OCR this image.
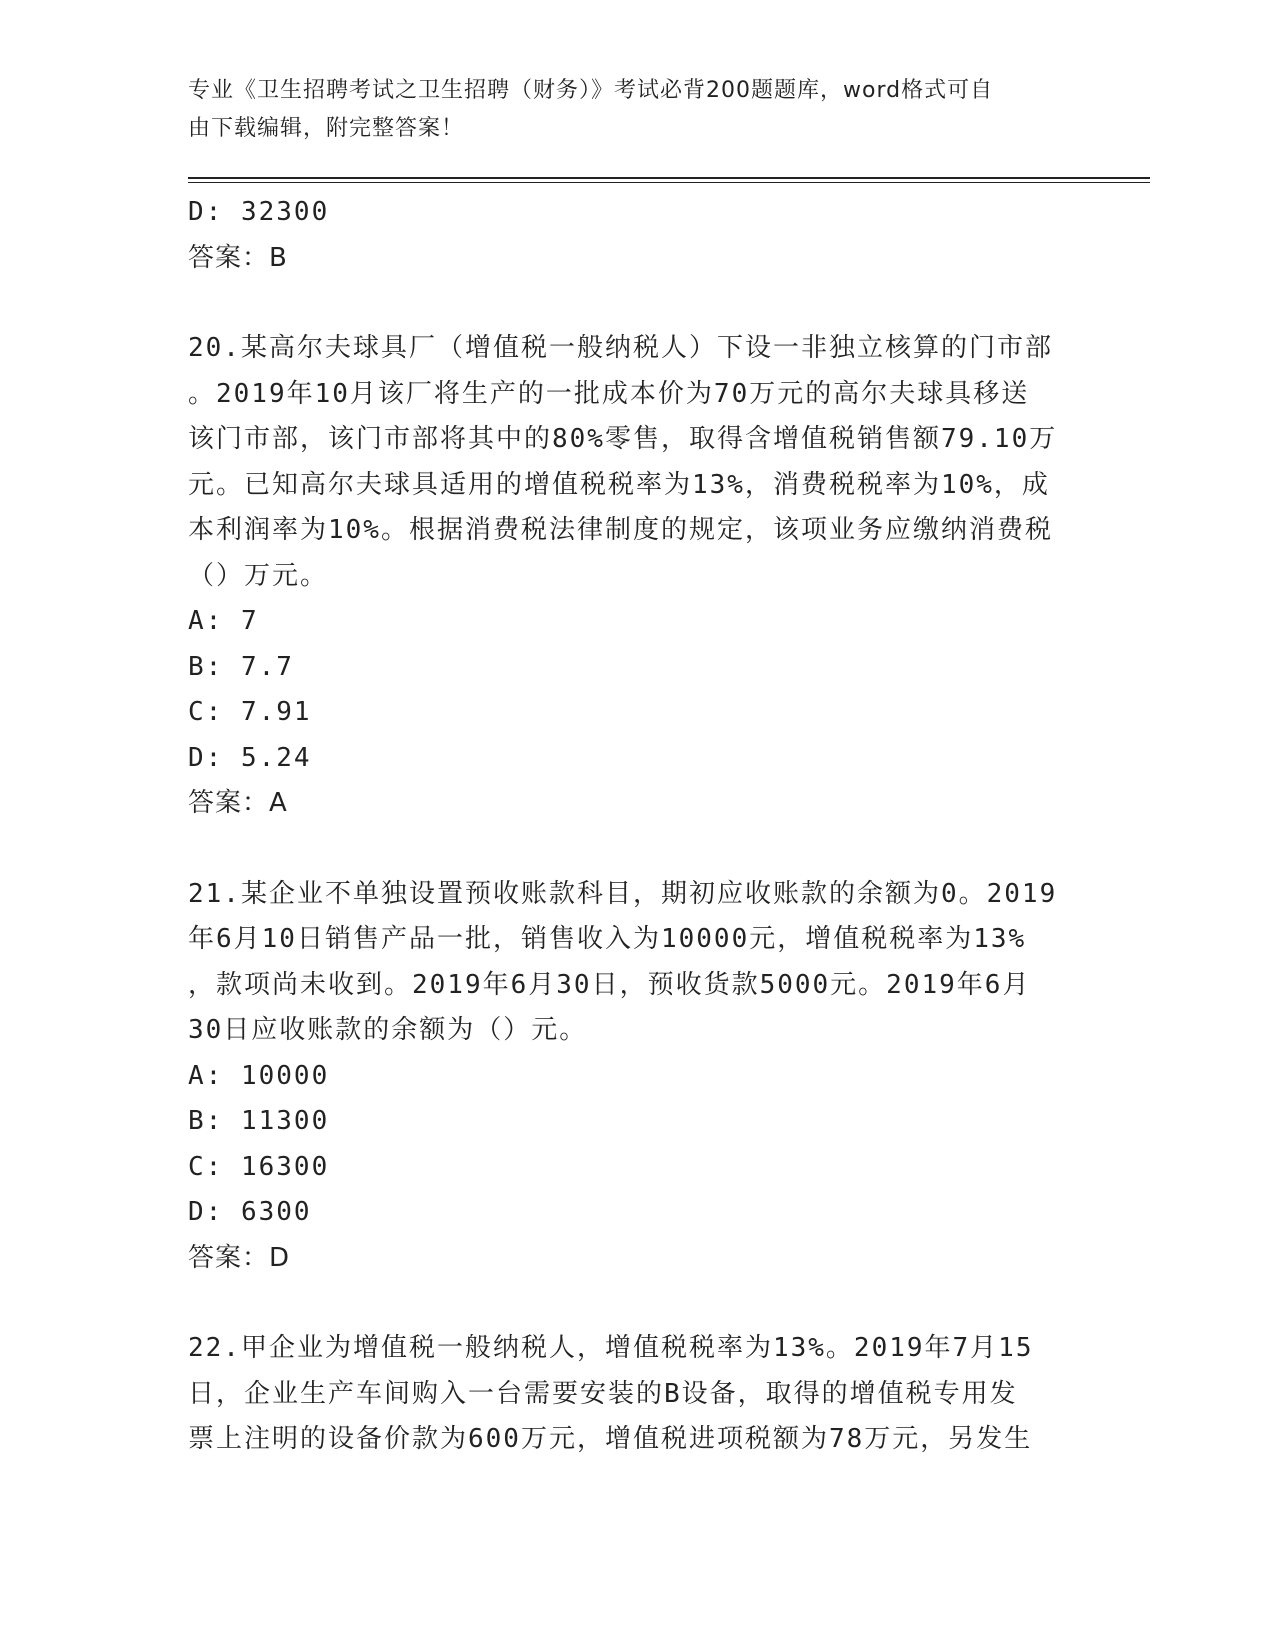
专业《卫生招聘考试之卫生招聘（财务）》考试必背200题题库，word格式可自
由下载编辑，附完整答案！
D: 32300
答案：B
20.某高尔夫球具厂（增值税一般纳税人）下设一非独立核算的门市部
。2019年10月该厂将生产的一批成本价为70万元的高尔夫球具移送
该门市部，该门市部将其中的80%零售，取得含增值税销售额79.10万
元。已知高尔夫球具适用的增值税税率为13%，消费税税率为10%，成
本利润率为10%。根据消费税法律制度的规定，该项业务应缴纳消费税
（）万元。
A: 7
B: 7.7
C: 7.91
D: 5.24
答案：A
21.某企业不单独设置预收账款科目，期初应收账款的余额为0。2019
年6月10日销售产品一批，销售收入为10000元，增值税税率为13%
，款项尚未收到。2019年6月30日，预收货款5000元。2019年6月
30日应收账款的余额为（）元。
A: 10000
B: 11300
C: 16300
D: 6300
答案：D
22.甲企业为增值税一般纳税人，增值税税率为13%。2019年7月15
日，企业生产车间购入一台需要安装的B设备，取得的增值税专用发
票上注明的设备价款为600万元，增值税进项税额为78万元，另发生
